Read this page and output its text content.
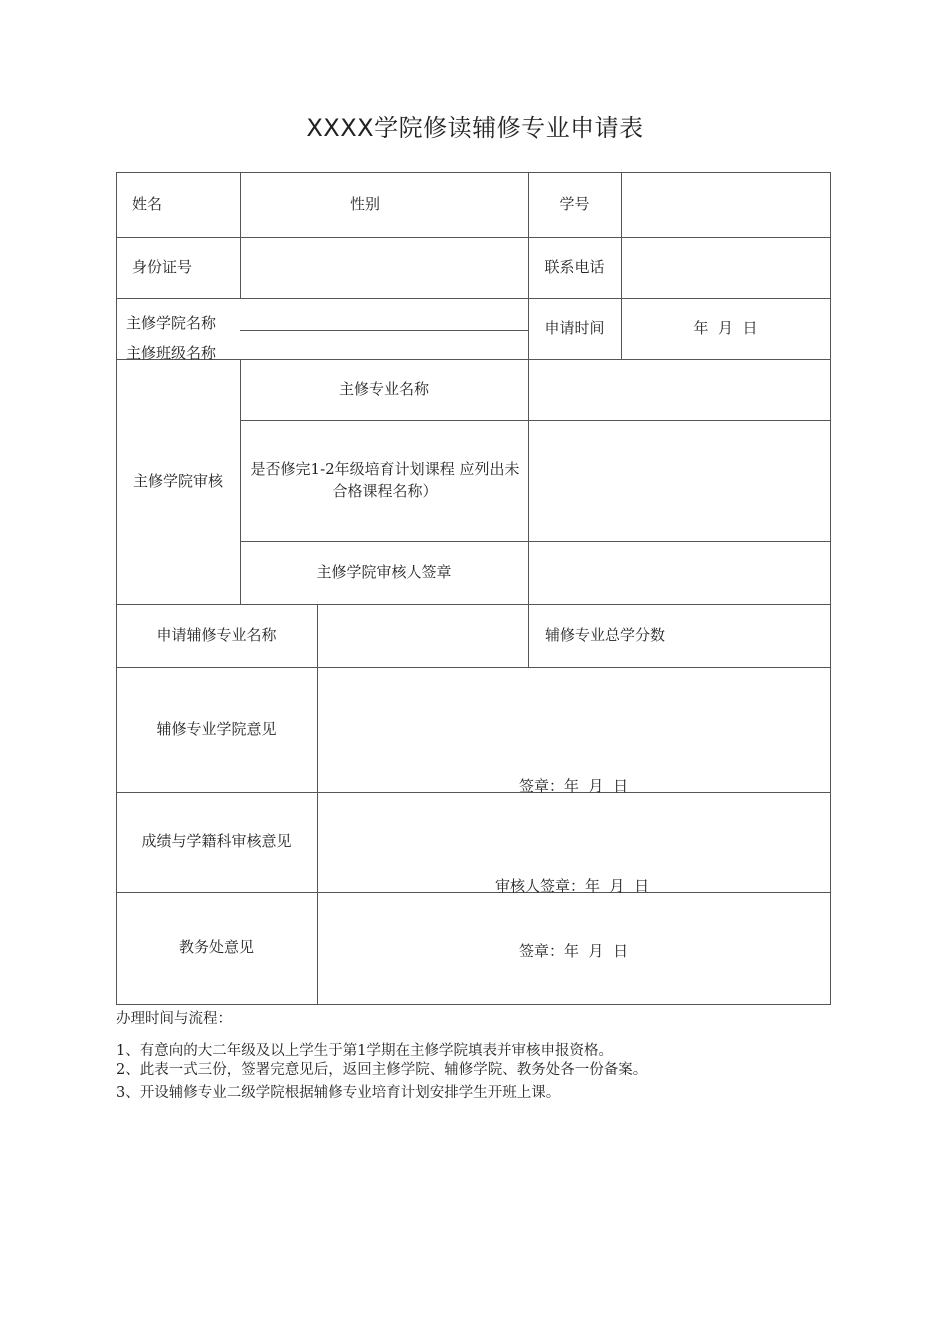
XXXX学院修读辅修专业申请表
姓名	性别	学号
身份证号	联系电话
主修学院名称
主修班级名称
申请时间	年  月  日
主修学院审核
主修专业名称
是否修完1-2年级培育计划课程 应列出未合格课程名称）
主修学院审核人签章
申请辅修专业名称	辅修专业总学分数
辅修专业学院意见
签章：年  月  日
成绩与学籍科审核意见
审核人签章：年  月  日
教务处意见	签章：年  月  日
办理时间与流程：
1、有意向的大二年级及以上学生于第1学期在主修学院填表并审核申报资格。
2、此表一式三份，签署完意见后，返回主修学院、辅修学院、教务处各一份备案。
3、开设辅修专业二级学院根据辅修专业培育计划安排学生开班上课。
